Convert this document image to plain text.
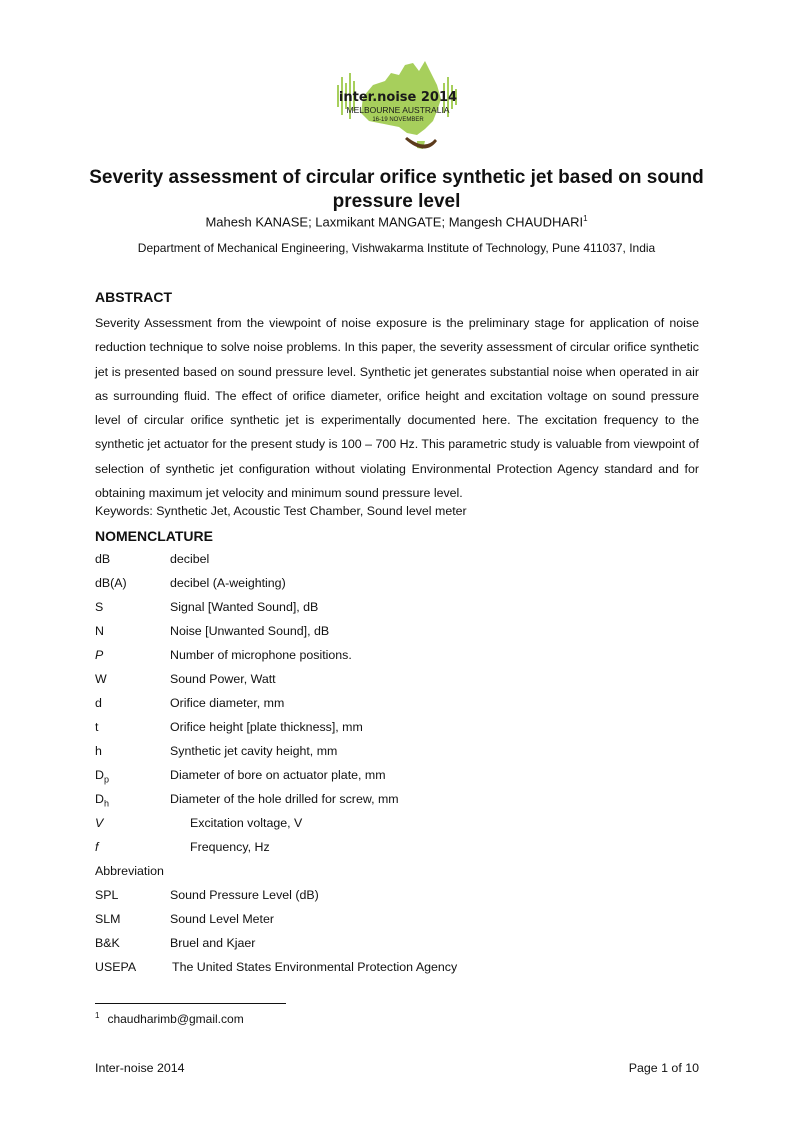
inter.noise 2014
MELBOURNE AUSTRALIA
16-19 NOVEMBER
Severity assessment of circular orifice synthetic jet based on sound pressure level
Mahesh KANASE; Laxmikant MANGATE; Mangesh CHAUDHARI$^1$
Department of Mechanical Engineering, Vishwakarma Institute of Technology, Pune 411037, India
ABSTRACT
Severity Assessment from the viewpoint of noise exposure is the preliminary stage for application of noise reduction technique to solve noise problems. In this paper, the severity assessment of circular orifice synthetic jet is presented based on sound pressure level. Synthetic jet generates substantial noise when operated in air as surrounding fluid. The effect of orifice diameter, orifice height and excitation voltage on sound pressure level of circular orifice synthetic jet is experimentally documented here. The excitation frequency to the synthetic jet actuator for the present study is 100 – 700 Hz. This parametric study is valuable from viewpoint of selection of synthetic jet configuration without violating Environmental Protection Agency standard and for obtaining maximum jet velocity and minimum sound pressure level.
Keywords: Synthetic Jet, Acoustic Test Chamber, Sound level meter
NOMENCLATURE
dB	decibel
dB(A)	decibel (A-weighting)
S	Signal [Wanted Sound], dB
N	Noise [Unwanted Sound], dB
P	Number of microphone positions.
W	Sound Power, Watt
d	Orifice diameter, mm
t	Orifice height [plate thickness], mm
h	Synthetic jet cavity height, mm
$D_p$	Diameter of bore on actuator plate, mm
$D_h$	Diameter of the hole drilled for screw, mm
V	Excitation voltage, V
f	Frequency, Hz
Abbreviation
SPL	Sound Pressure Level (dB)
SLM	Sound Level Meter
B&K	Bruel and Kjaer
USEPA	The United States Environmental Protection Agency
$^1$ chaudharimb@gmail.com
Inter-noise 2014	Page 1 of 10
